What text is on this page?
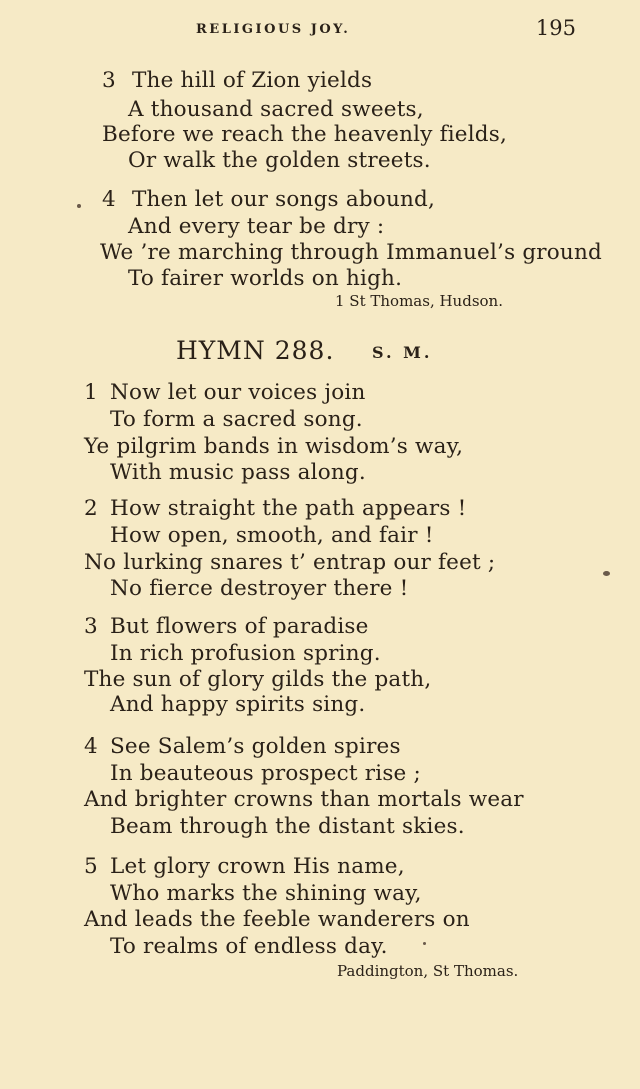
RELIGIOUS JOY.	195
3 The hill of Zion yields
A thousand sacred sweets,
Before we reach the heavenly fields,
Or walk the golden streets.
4 Then let our songs abound,
And every tear be dry :
We ’re marching through Immanuel’s ground
To fairer worlds on high.
1 St Thomas, Hudson.
HYMN 288. S. M.
1 Now let our voices join
To form a sacred song.
Ye pilgrim bands in wisdom’s way,
With music pass along.
2 How straight the path appears !
How open, smooth, and fair !
No lurking snares t’ entrap our feet ;
No fierce destroyer there !
3 But flowers of paradise
In rich profusion spring.
The sun of glory gilds the path,
And happy spirits sing.
4 See Salem’s golden spires
In beauteous prospect rise ;
And brighter crowns than mortals wear
Beam through the distant skies.
5 Let glory crown His name,
Who marks the shining way,
And leads the feeble wanderers on
To realms of endless day.
Paddington, St Thomas.
